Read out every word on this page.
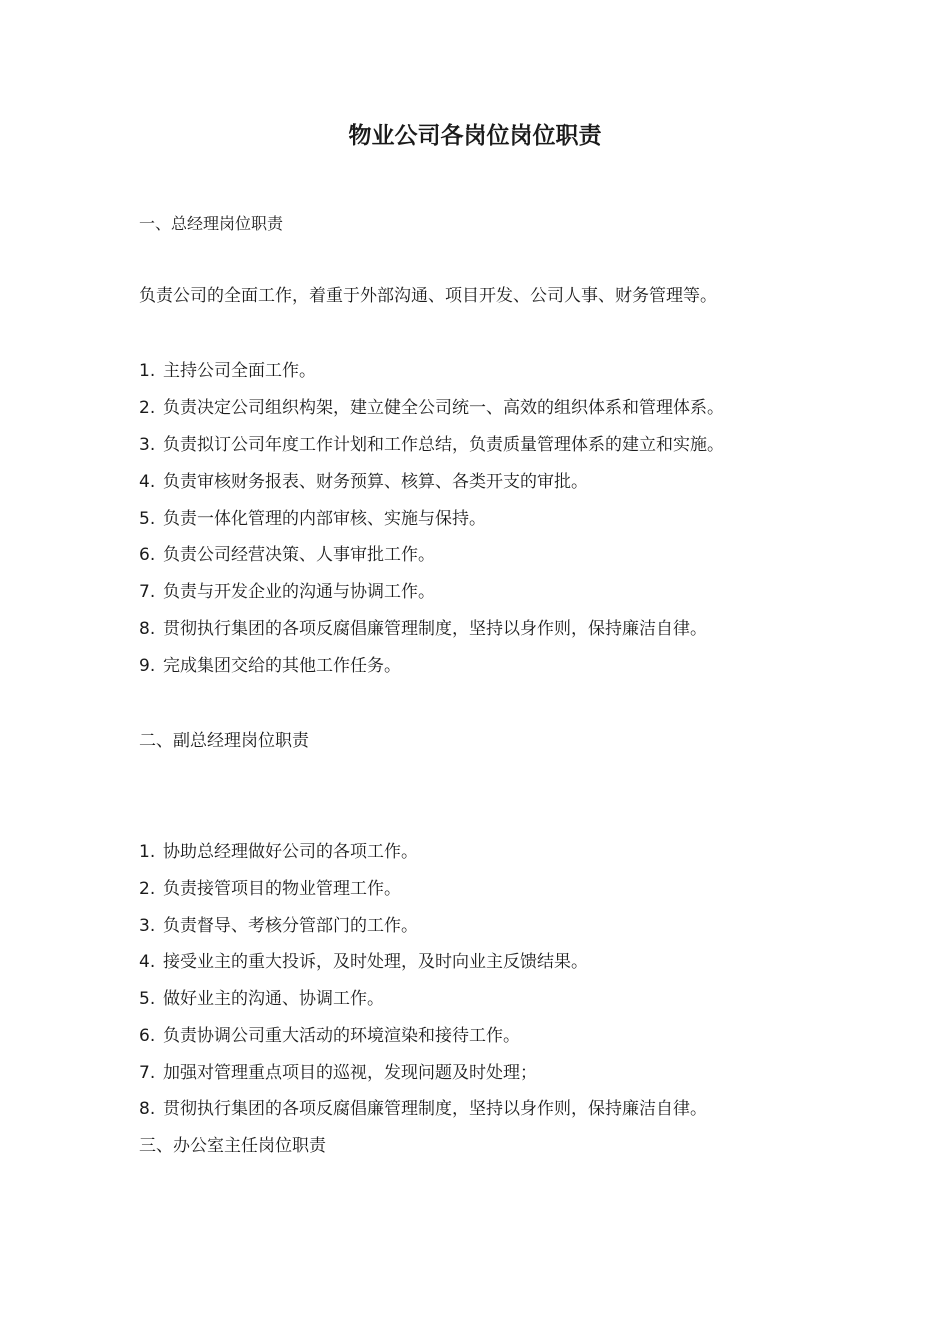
物业公司各岗位岗位职责
一、总经理岗位职责
负责公司的全面工作，着重于外部沟通、项目开发、公司人事、财务管理等。
1. 主持公司全面工作。
2. 负责决定公司组织构架，建立健全公司统一、高效的组织体系和管理体系。
3. 负责拟订公司年度工作计划和工作总结，负责质量管理体系的建立和实施。
4. 负责审核财务报表、财务预算、核算、各类开支的审批。
5. 负责一体化管理的内部审核、实施与保持。
6. 负责公司经营决策、人事审批工作。
7. 负责与开发企业的沟通与协调工作。
8. 贯彻执行集团的各项反腐倡廉管理制度，坚持以身作则，保持廉洁自律。
9. 完成集团交给的其他工作任务。
二、副总经理岗位职责
1. 协助总经理做好公司的各项工作。
2. 负责接管项目的物业管理工作。
3. 负责督导、考核分管部门的工作。
4. 接受业主的重大投诉，及时处理，及时向业主反馈结果。
5. 做好业主的沟通、协调工作。
6. 负责协调公司重大活动的环境渲染和接待工作。
7. 加强对管理重点项目的巡视，发现问题及时处理；
8. 贯彻执行集团的各项反腐倡廉管理制度，坚持以身作则，保持廉洁自律。
三、办公室主任岗位职责
